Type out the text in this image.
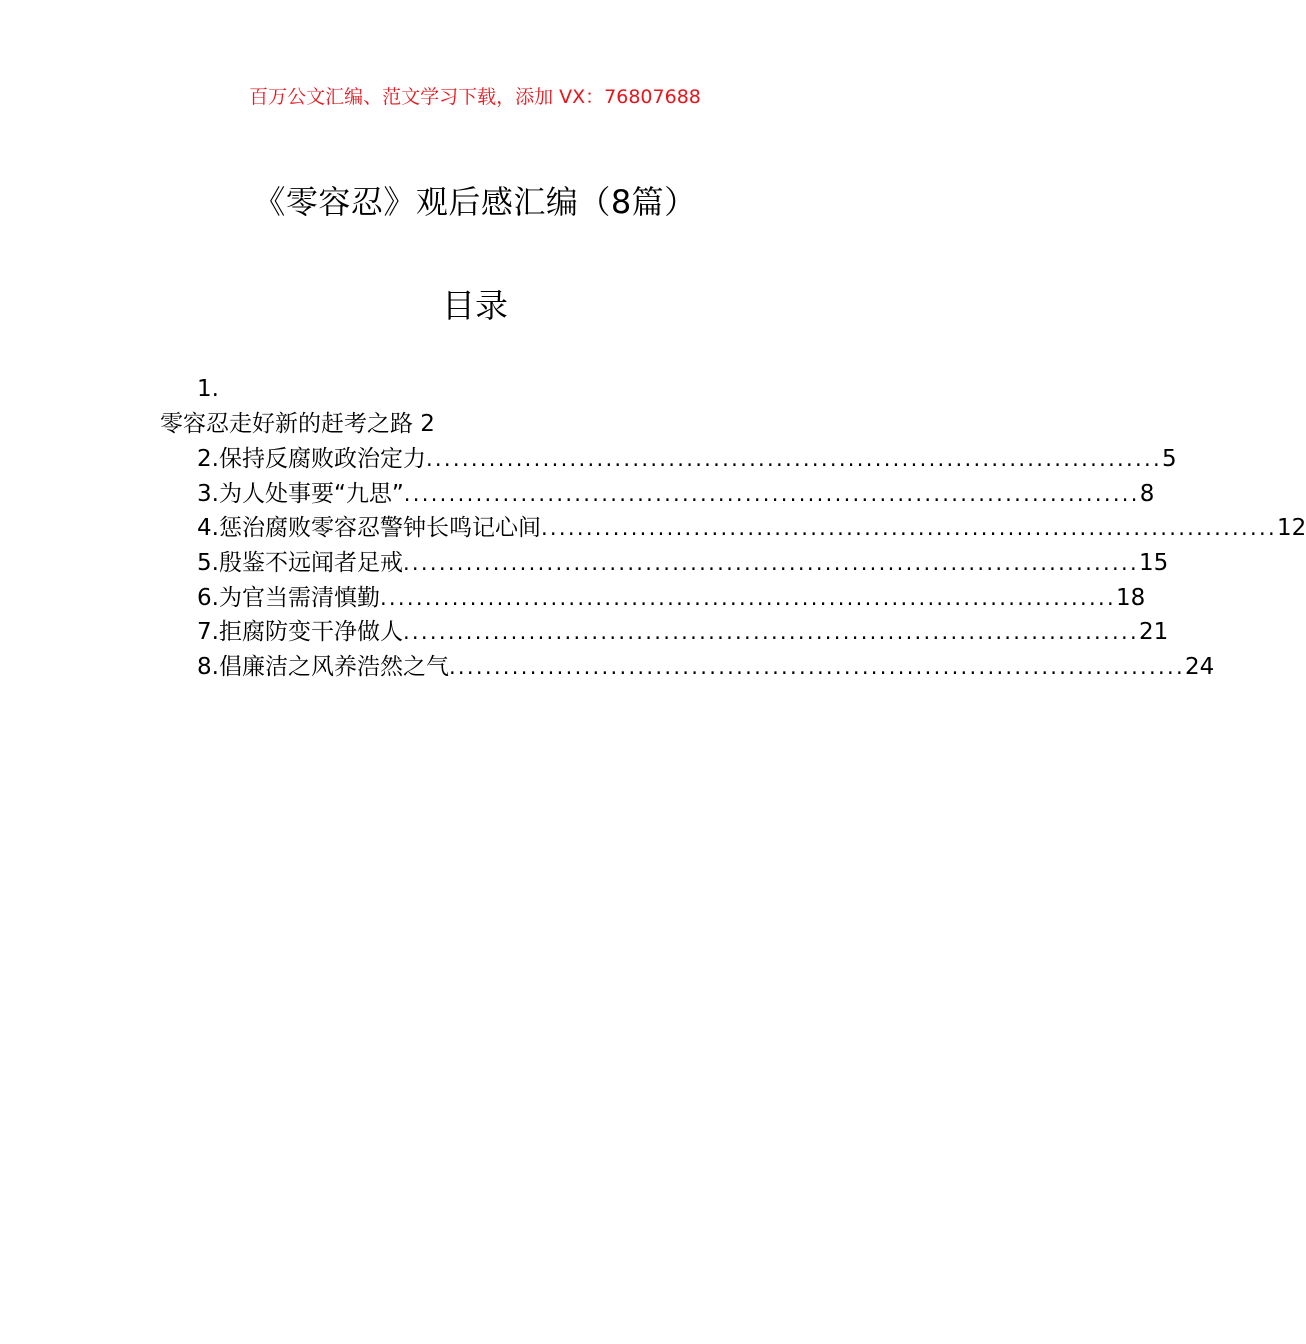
百万公文汇编、范文学习下载，添加 VX：76807688
《零容忍》观后感汇编（8篇）
目录
1.
零容忍走好新的赶考之路 2
2.保持反腐败政治定力 .................................................................................. 5
3.为人处事要“九思” .................................................................................. 8
4.惩治腐败零容忍警钟长鸣记心间 .................................................................................. 12
5.殷鉴不远闻者足戒 .................................................................................. 15
6.为官当需清慎勤 .................................................................................. 18
7.拒腐防变干净做人 .................................................................................. 21
8.倡廉洁之风养浩然之气 .................................................................................. 24
